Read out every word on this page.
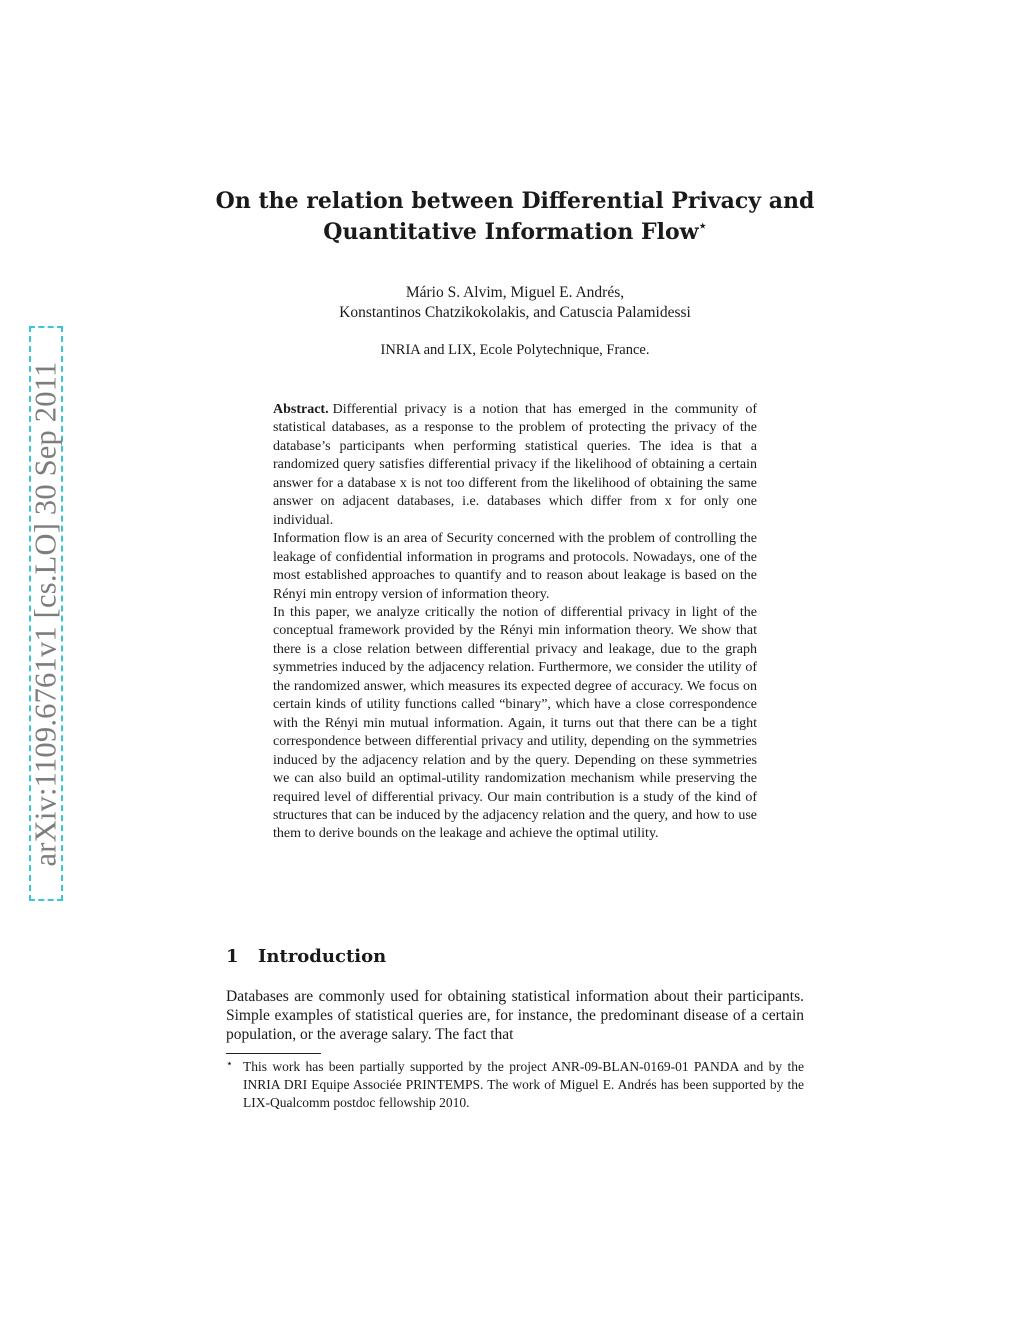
arXiv:1109.6761v1 [cs.LO] 30 Sep 2011
On the relation between Differential Privacy and
Quantitative Information Flow⋆
Mário S. Alvim, Miguel E. Andrés,
Konstantinos Chatzikokolakis, and Catuscia Palamidessi
INRIA and LIX, Ecole Polytechnique, France.

Abstract. Differential privacy is a notion that has emerged in the community of statistical databases, as a response to the problem of protecting the privacy of the database’s participants when performing statistical queries. The idea is that a randomized query satisfies differential privacy if the likelihood of obtaining a certain answer for a database x is not too different from the likelihood of obtaining the same answer on adjacent databases, i.e. databases which differ from x for only one individual.

Information flow is an area of Security concerned with the problem of controlling the leakage of confidential information in programs and protocols. Nowadays, one of the most established approaches to quantify and to reason about leakage is based on the Rényi min entropy version of information theory.

In this paper, we analyze critically the notion of differential privacy in light of the conceptual framework provided by the Rényi min information theory. We show that there is a close relation between differential privacy and leakage, due to the graph symmetries induced by the adjacency relation. Furthermore, we consider the utility of the randomized answer, which measures its expected degree of accuracy. We focus on certain kinds of utility functions called “binary”, which have a close correspondence with the Rényi min mutual information. Again, it turns out that there can be a tight correspondence between differential privacy and utility, depending on the symmetries induced by the adjacency relation and by the query. Depending on these symmetries we can also build an optimal-utility randomization mechanism while preserving the required level of differential privacy. Our main contribution is a study of the kind of structures that can be induced by the adjacency relation and the query, and how to use them to derive bounds on the leakage and achieve the optimal utility.

1 Introduction

Databases are commonly used for obtaining statistical information about their participants. Simple examples of statistical queries are, for instance, the predominant disease of a certain population, or the average salary. The fact that

⋆ This work has been partially supported by the project ANR-09-BLAN-0169-01 PANDA and by the INRIA DRI Equipe Associée PRINTEMPS. The work of Miguel E. Andrés has been supported by the LIX-Qualcomm postdoc fellowship 2010.
